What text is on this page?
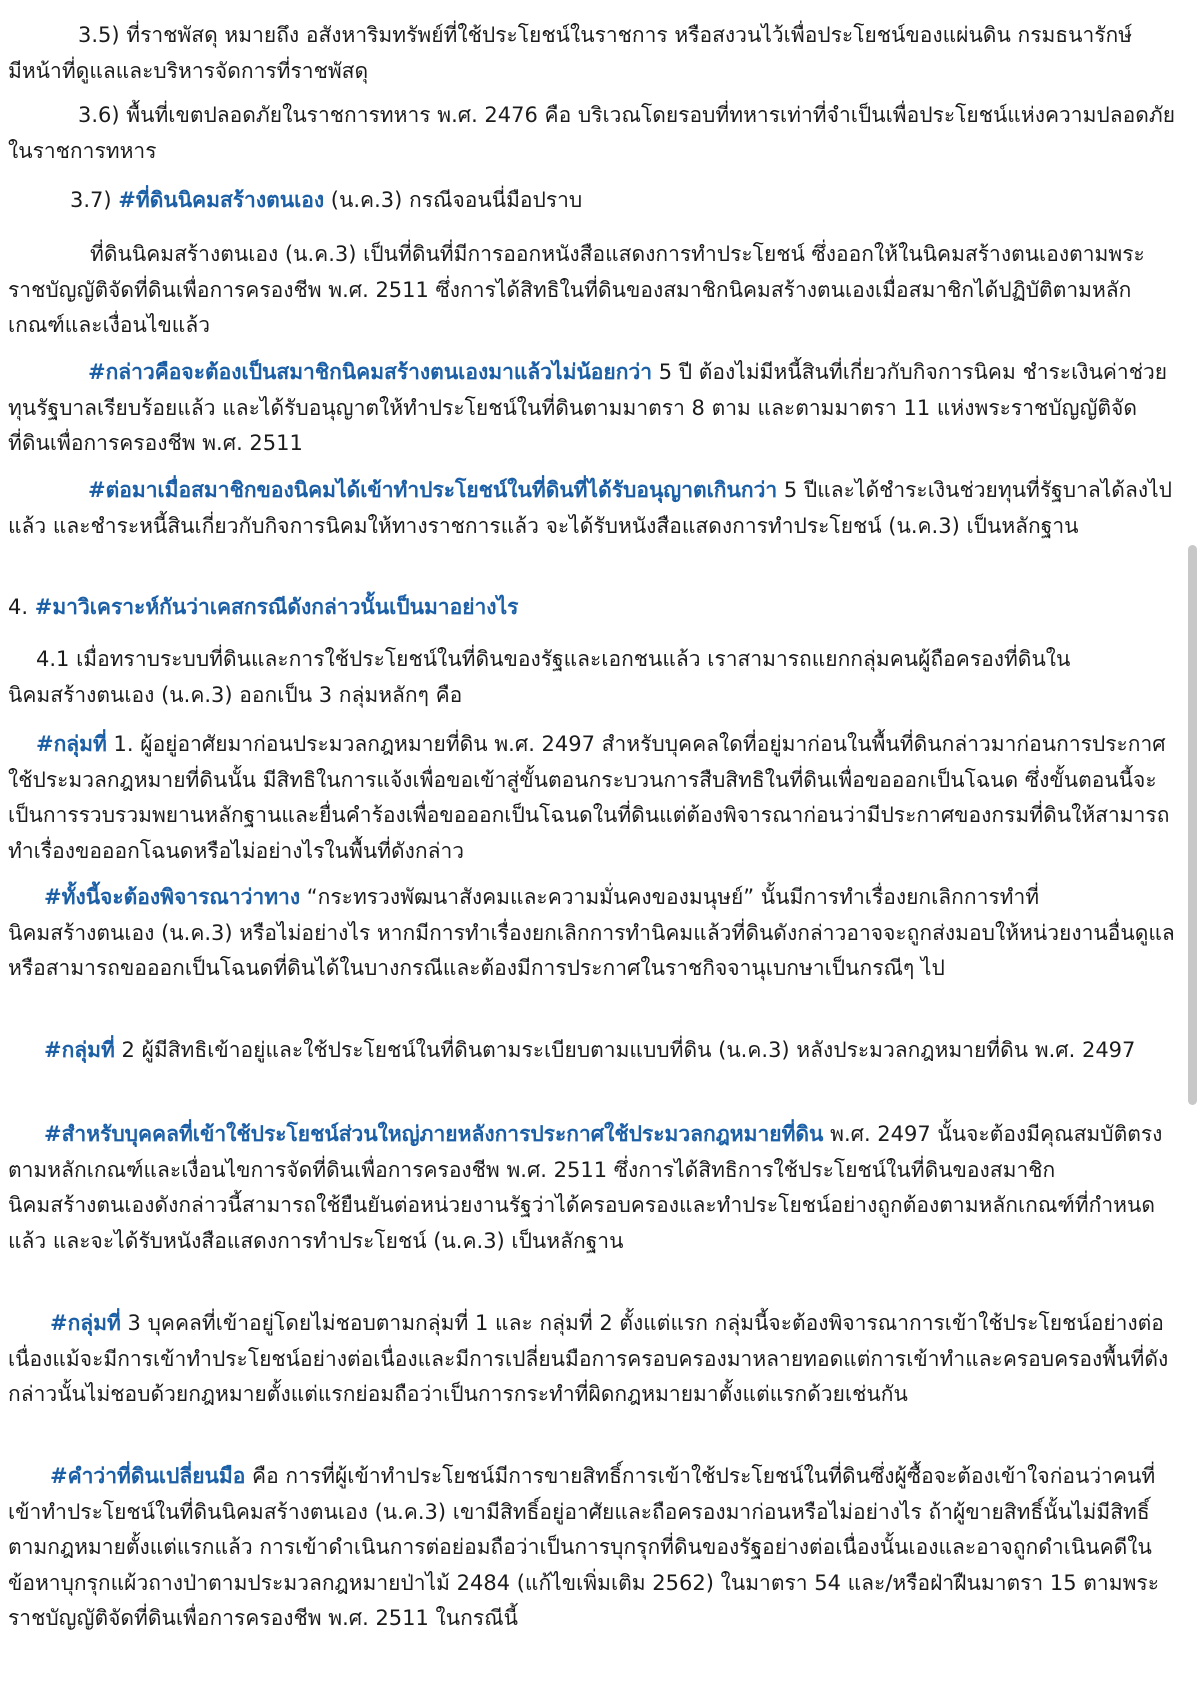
3.5) ที่ราชพัสดุ หมายถึง อสังหาริมทรัพย์ที่ใช้ประโยชน์ในราชการ หรือสงวนไว้เพื่อประโยชน์ของแผ่นดิน กรมธนารักษ์มีหน้าที่ดูแลและบริหารจัดการที่ราชพัสดุ

3.6) พื้นที่เขตปลอดภัยในราชการทหาร พ.ศ. 2476 คือ บริเวณโดยรอบที่ทหารเท่าที่จำเป็นเพื่อประโยชน์แห่งความปลอดภัยในราชการทหาร

3.7) #ที่ดินนิคมสร้างตนเอง (น.ค.3) กรณีจอนนี่มือปราบ

ที่ดินนิคมสร้างตนเอง (น.ค.3) เป็นที่ดินที่มีการออกหนังสือแสดงการทำประโยชน์ ซึ่งออกให้ในนิคมสร้างตนเองตามพระราชบัญญัติจัดที่ดินเพื่อการครองชีพ พ.ศ. 2511 ซึ่งการได้สิทธิในที่ดินของสมาชิกนิคมสร้างตนเองเมื่อสมาชิกได้ปฏิบัติตามหลักเกณฑ์และเงื่อนไขแล้ว

#กล่าวคือจะต้องเป็นสมาชิกนิคมสร้างตนเองมาแล้วไม่น้อยกว่า 5 ปี ต้องไม่มีหนี้สินที่เกี่ยวกับกิจการนิคม ชำระเงินค่าช่วยทุนรัฐบาลเรียบร้อยแล้ว และได้รับอนุญาตให้ทำประโยชน์ในที่ดินตามมาตรา 8 ตาม และตามมาตรา 11 แห่งพระราชบัญญัติจัดที่ดินเพื่อการครองชีพ พ.ศ. 2511

#ต่อมาเมื่อสมาชิกของนิคมได้เข้าทำประโยชน์ในที่ดินที่ได้รับอนุญาตเกินกว่า 5 ปีและได้ชำระเงินช่วยทุนที่รัฐบาลได้ลงไปแล้ว และชำระหนี้สินเกี่ยวกับกิจการนิคมให้ทางราชการแล้ว จะได้รับหนังสือแสดงการทำประโยชน์ (น.ค.3) เป็นหลักฐาน

4. #มาวิเคราะห์กันว่าเคสกรณีดังกล่าวนั้นเป็นมาอย่างไร

4.1 เมื่อทราบระบบที่ดินและการใช้ประโยชน์ในที่ดินของรัฐและเอกชนแล้ว เราสามารถแยกกลุ่มคนผู้ถือครองที่ดินในนิคมสร้างตนเอง (น.ค.3) ออกเป็น 3 กลุ่มหลักๆ คือ

#กลุ่มที่ 1. ผู้อยู่อาศัยมาก่อนประมวลกฎหมายที่ดิน พ.ศ. 2497 สำหรับบุคคลใดที่อยู่มาก่อนในพื้นที่ดินกล่าวมาก่อนการประกาศใช้ประมวลกฎหมายที่ดินนั้น มีสิทธิในการแจ้งเพื่อขอเข้าสู่ขั้นตอนกระบวนการสืบสิทธิในที่ดินเพื่อขอออกเป็นโฉนด ซึ่งขั้นตอนนี้จะเป็นการรวบรวมพยานหลักฐานและยื่นคำร้องเพื่อขอออกเป็นโฉนดในที่ดินแต่ต้องพิจารณาก่อนว่ามีประกาศของกรมที่ดินให้สามารถทำเรื่องขอออกโฉนดหรือไม่อย่างไรในพื้นที่ดังกล่าว

#ทั้งนี้จะต้องพิจารณาว่าทาง “กระทรวงพัฒนาสังคมและความมั่นคงของมนุษย์” นั้นมีการทำเรื่องยกเลิกการทำที่นิคมสร้างตนเอง (น.ค.3) หรือไม่อย่างไร หากมีการทำเรื่องยกเลิกการทำนิคมแล้วที่ดินดังกล่าวอาจจะถูกส่งมอบให้หน่วยงานอื่นดูแลหรือสามารถขอออกเป็นโฉนดที่ดินได้ในบางกรณีและต้องมีการประกาศในราชกิจจานุเบกษาเป็นกรณีๆ ไป

#กลุ่มที่ 2 ผู้มีสิทธิเข้าอยู่และใช้ประโยชน์ในที่ดินตามระเบียบตามแบบที่ดิน (น.ค.3) หลังประมวลกฎหมายที่ดิน พ.ศ. 2497

#สำหรับบุคคลที่เข้าใช้ประโยชน์ส่วนใหญ่ภายหลังการประกาศใช้ประมวลกฎหมายที่ดิน พ.ศ. 2497 นั้นจะต้องมีคุณสมบัติตรงตามหลักเกณฑ์และเงื่อนไขการจัดที่ดินเพื่อการครองชีพ พ.ศ. 2511 ซึ่งการได้สิทธิการใช้ประโยชน์ในที่ดินของสมาชิกนิคมสร้างตนเองดังกล่าวนี้สามารถใช้ยืนยันต่อหน่วยงานรัฐว่าได้ครอบครองและทำประโยชน์อย่างถูกต้องตามหลักเกณฑ์ที่กำหนดแล้ว และจะได้รับหนังสือแสดงการทำประโยชน์ (น.ค.3) เป็นหลักฐาน

#กลุ่มที่ 3 บุคคลที่เข้าอยู่โดยไม่ชอบตามกลุ่มที่ 1 และ กลุ่มที่ 2 ตั้งแต่แรก กลุ่มนี้จะต้องพิจารณาการเข้าใช้ประโยชน์อย่างต่อเนื่องแม้จะมีการเข้าทำประโยชน์อย่างต่อเนื่องและมีการเปลี่ยนมือการครอบครองมาหลายทอดแต่การเข้าทำและครอบครองพื้นที่ดังกล่าวนั้นไม่ชอบด้วยกฎหมายตั้งแต่แรกย่อมถือว่าเป็นการกระทำที่ผิดกฎหมายมาตั้งแต่แรกด้วยเช่นกัน

#คำว่าที่ดินเปลี่ยนมือ คือ การที่ผู้เข้าทำประโยชน์มีการขายสิทธิ์การเข้าใช้ประโยชน์ในที่ดินซึ่งผู้ซื้อจะต้องเข้าใจก่อนว่าคนที่เข้าทำประโยชน์ในที่ดินนิคมสร้างตนเอง (น.ค.3) เขามีสิทธิ์อยู่อาศัยและถือครองมาก่อนหรือไม่อย่างไร ถ้าผู้ขายสิทธิ์นั้นไม่มีสิทธิ์ตามกฎหมายตั้งแต่แรกแล้ว การเข้าดำเนินการต่อย่อมถือว่าเป็นการบุกรุกที่ดินของรัฐอย่างต่อเนื่องนั้นเองและอาจถูกดำเนินคดีในข้อหาบุกรุกแผ้วถางป่าตามประมวลกฎหมายป่าไม้ 2484 (แก้ไขเพิ่มเติม 2562) ในมาตรา 54 และ/หรือฝ่าฝืนมาตรา 15 ตามพระราชบัญญัติจัดที่ดินเพื่อการครองชีพ พ.ศ. 2511 ในกรณีนี้
